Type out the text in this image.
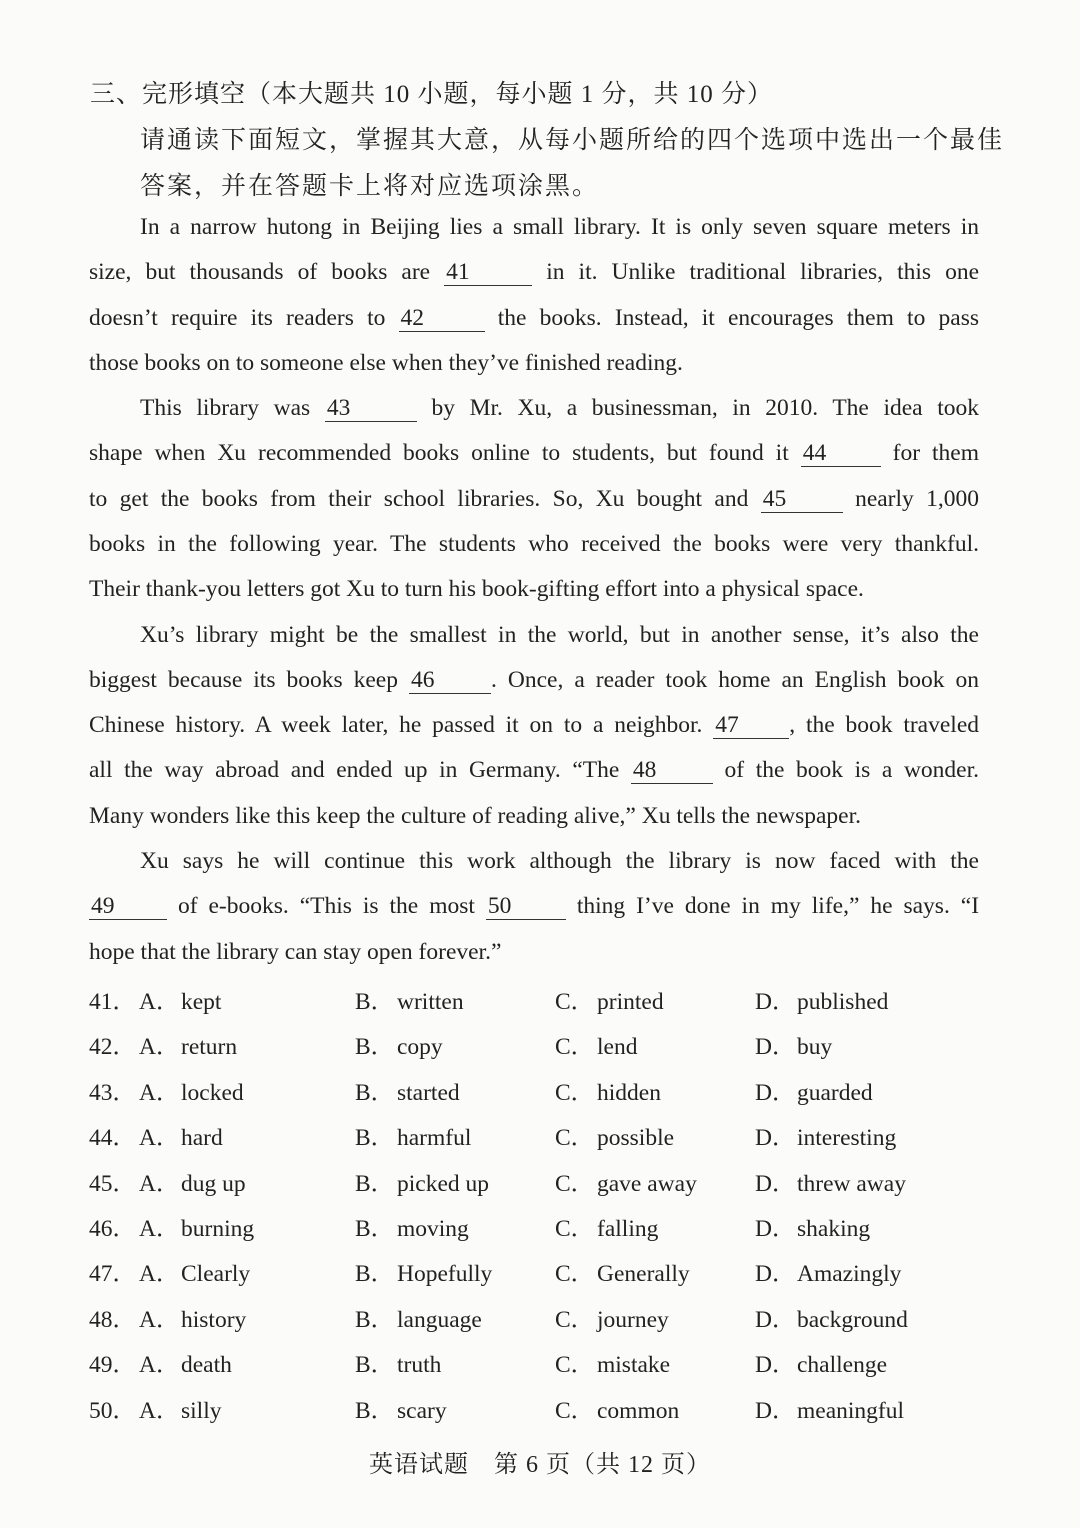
三、完形填空（本大题共 10 小题，每小题 1 分，共 10 分）
请通读下面短文，掌握其大意，从每小题所给的四个选项中选出一个最佳
答案，并在答题卡上将对应选项涂黑。
In a narrow hutong in Beijing lies a small library. It is only seven square meters in
size, but thousands of books are 41	in it. Unlike traditional libraries, this one
doesn’t require its readers to 42	the books. Instead, it encourages them to pass
those books on to someone else when they’ve finished reading.
This library was 43	by Mr. Xu, a businessman, in 2010. The idea took
shape when Xu recommended books online to students, but found it 44	for them
to get the books from their school libraries. So, Xu bought and 45	nearly 1,000
books in the following year. The students who received the books were very thankful.
Their thank-you letters got Xu to turn his book-gifting effort into a physical space.
Xu’s library might be the smallest in the world, but in another sense, it’s also the
biggest because its books keep 46 . Once, a reader took home an English book on
Chinese history. A week later, he passed it on to a neighbor. 47 , the book traveled
all the way abroad and ended up in Germany. “The 48	of the book is a wonder.
Many wonders like this keep the culture of reading alive,” Xu tells the newspaper.
Xu says he will continue this work although the library is now faced with the
49	of e-books. “This is the most 50	thing I’ve done in my life,” he says. “I
hope that the library can stay open forever.”
41． A．kept	B． written	C． printed	D．published
42． A．return	B． copy	C． lend	D．buy
43． A．locked	B． started	C． hidden	D．guarded
44． A．hard	B． harmful	C． possible	D．interesting
45． A．dug up	B． picked up	C． gave away D．threw away
46． A．burning	B． moving	C． falling	D．shaking
47． A．Clearly	B． Hopefully	C． Generally	D．Amazingly
48． A．history	B． language	C． journey	D．background
49． A．death	B． truth	C． mistake	D．challenge
50． A．silly	B． scary	C． common	D．meaningful
英语试题　第 6 页（共 12 页）
